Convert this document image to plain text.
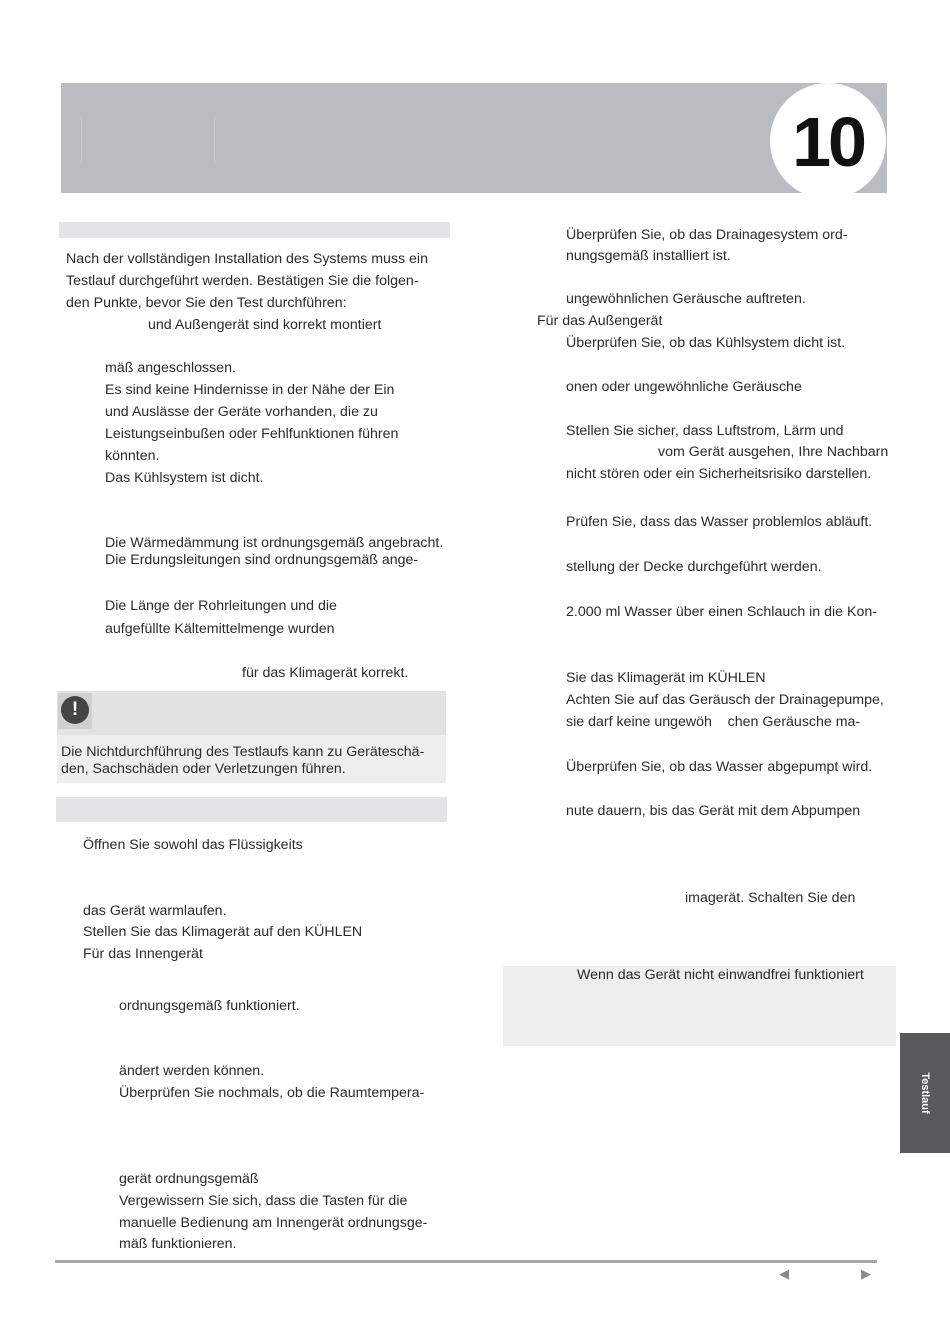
10
Nach der vollständigen Installation des Systems muss ein
Testlauf durchgeführt werden. Bestätigen Sie die folgen-
den Punkte, bevor Sie den Test durchführen:
und Außengerät sind korrekt montiert
mäß angeschlossen.
Es sind keine Hindernisse in der Nähe der Ein
und Auslässe der Geräte vorhanden, die zu
Leistungseinbußen oder Fehlfunktionen führen
könnten.
Das Kühlsystem ist dicht.
Die Wärmedämmung ist ordnungsgemäß angebracht.
Die Erdungsleitungen sind ordnungsgemäß ange-
Die Länge der Rohrleitungen und die
aufgefüllte Kältemittelmenge wurden
für das Klimagerät korrekt.
!
Die Nichtdurchführung des Testlaufs kann zu Geräteschä-
den, Sachschäden oder Verletzungen führen.
Öffnen Sie sowohl das Flüssigkeits
das Gerät warmlaufen.
Stellen Sie das Klimagerät auf den KÜHLEN
Für das Innengerät
ordnungsgemäß funktioniert.
ändert werden können.
Überprüfen Sie nochmals, ob die Raumtempera-
gerät ordnungsgemäß
Vergewissern Sie sich, dass die Tasten für die
manuelle Bedienung am Innengerät ordnungsge-
mäß funktionieren.
Überprüfen Sie, ob das Drainagesystem ord-
nungsgemäß installiert ist.
ungewöhnlichen Geräusche auftreten.
Für das Außengerät
Überprüfen Sie, ob das Kühlsystem dicht ist.
onen oder ungewöhnliche Geräusche
Stellen Sie sicher, dass Luftstrom, Lärm und
vom Gerät ausgehen, Ihre Nachbarn
nicht stören oder ein Sicherheitsrisiko darstellen.
Prüfen Sie, dass das Wasser problemlos abläuft.
stellung der Decke durchgeführt werden.
2.000 ml Wasser über einen Schlauch in die Kon-
Sie das Klimagerät im KÜHLEN
Achten Sie auf das Geräusch der Drainagepumpe,
sie darf keine ungewöh    chen Geräusche ma-
Überprüfen Sie, ob das Wasser abgepumpt wird.
nute dauern, bis das Gerät mit dem Abpumpen
imagerät. Schalten Sie den
Wenn das Gerät nicht einwandfrei funktioniert
Testlauf
◀	▶
